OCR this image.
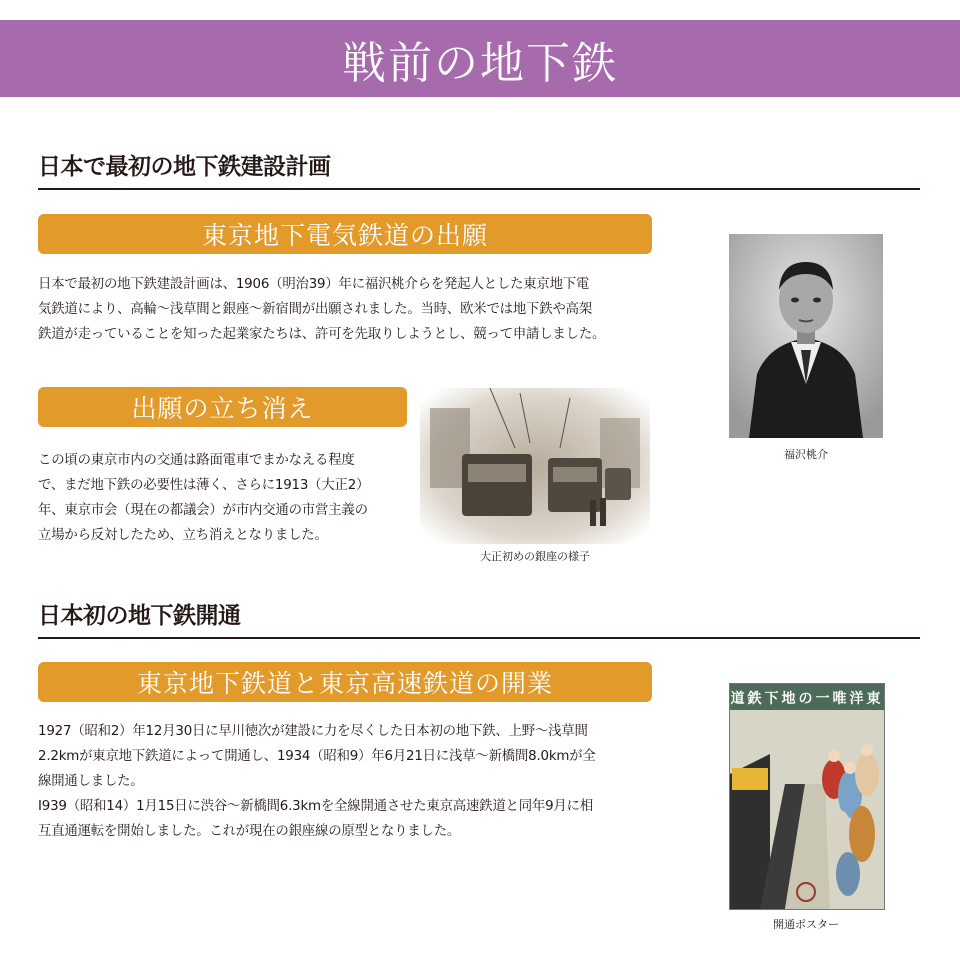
戦前の地下鉄
日本で最初の地下鉄建設計画
東京地下電気鉄道の出願
日本で最初の地下鉄建設計画は、1906（明治39）年に福沢桃介らを発起人とした東京地下電
気鉄道により、高輪～浅草間と銀座～新宿間が出願されました。当時、欧米では地下鉄や高架
鉄道が走っていることを知った起業家たちは、許可を先取りしようとし、競って申請しました。
福沢桃介
出願の立ち消え
この頃の東京市内の交通は路面電車でまかなえる程度
で、まだ地下鉄の必要性は薄く、さらに1913（大正2）
年、東京市会（現在の都議会）が市内交通の市営主義の
立場から反対したため、立ち消えとなりました。
大正初めの銀座の様子
日本初の地下鉄開通
東京地下鉄道と東京高速鉄道の開業
1927（昭和2）年12月30日に早川徳次が建設に力を尽くした日本初の地下鉄、上野～浅草間
2.2kmが東京地下鉄道によって開通し、1934（昭和9）年6月21日に浅草～新橋間8.0kmが全
線開通しました。
I939（昭和14）1月15日に渋谷～新橋間6.3kmを全線開通させた東京高速鉄道と同年9月に相
互直通運転を開始しました。これが現在の銀座線の原型となりました。
東洋唯一の地下鉄道
開通ポスター
